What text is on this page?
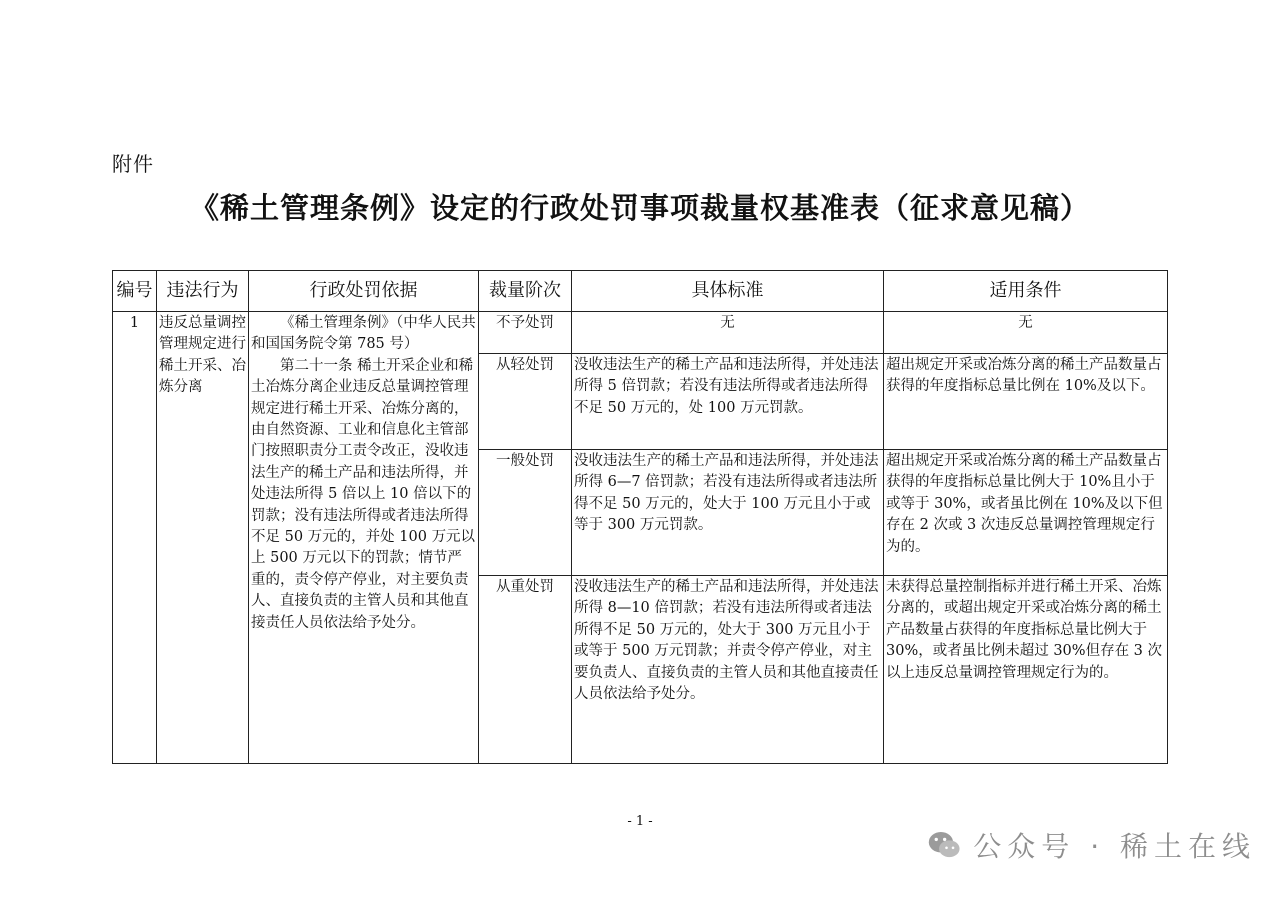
附件
《稀土管理条例》设定的行政处罚事项裁量权基准表（征求意见稿）
编号	违法行为	行政处罚依据	裁量阶次	具体标准	适用条件
1	违反总量调控管理规定进行稀土开采、冶炼分离	《稀土管理条例》（中华人民共和国国务院令第 785 号）

第二十一条 稀土开采企业和稀土冶炼分离企业违反总量调控管理规定进行稀土开采、冶炼分离的，由自然资源、工业和信息化主管部门按照职责分工责令改正，没收违法生产的稀土产品和违法所得，并处违法所得 5 倍以上 10 倍以下的罚款；没有违法所得或者违法所得不足 50 万元的，并处 100 万元以上 500 万元以下的罚款；情节严重的，责令停产停业，对主要负责人、直接负责的主管人员和其他直接责任人员依法给予处分。	不予处罚	无	无
			从轻处罚	没收违法生产的稀土产品和违法所得，并处违法所得 5 倍罚款；若没有违法所得或者违法所得不足 50 万元的，处 100 万元罚款。	超出规定开采或冶炼分离的稀土产品数量占获得的年度指标总量比例在 10%及以下。
			一般处罚	没收违法生产的稀土产品和违法所得，并处违法所得 6—7 倍罚款；若没有违法所得或者违法所得不足 50 万元的，处大于 100 万元且小于或等于 300 万元罚款。	超出规定开采或冶炼分离的稀土产品数量占获得的年度指标总量比例大于 10%且小于或等于 30%，或者虽比例在 10%及以下但存在 2 次或 3 次违反总量调控管理规定行为的。
			从重处罚	没收违法生产的稀土产品和违法所得，并处违法所得 8—10 倍罚款；若没有违法所得或者违法所得不足 50 万元的，处大于 300 万元且小于或等于 500 万元罚款；并责令停产停业，对主要负责人、直接负责的主管人员和其他直接责任人员依法给予处分。	未获得总量控制指标并进行稀土开采、冶炼分离的，或超出规定开采或冶炼分离的稀土产品数量占获得的年度指标总量比例大于 30%，或者虽比例未超过 30%但存在 3 次以上违反总量调控管理规定行为的。
- 1 -
公众号 · 稀土在线
